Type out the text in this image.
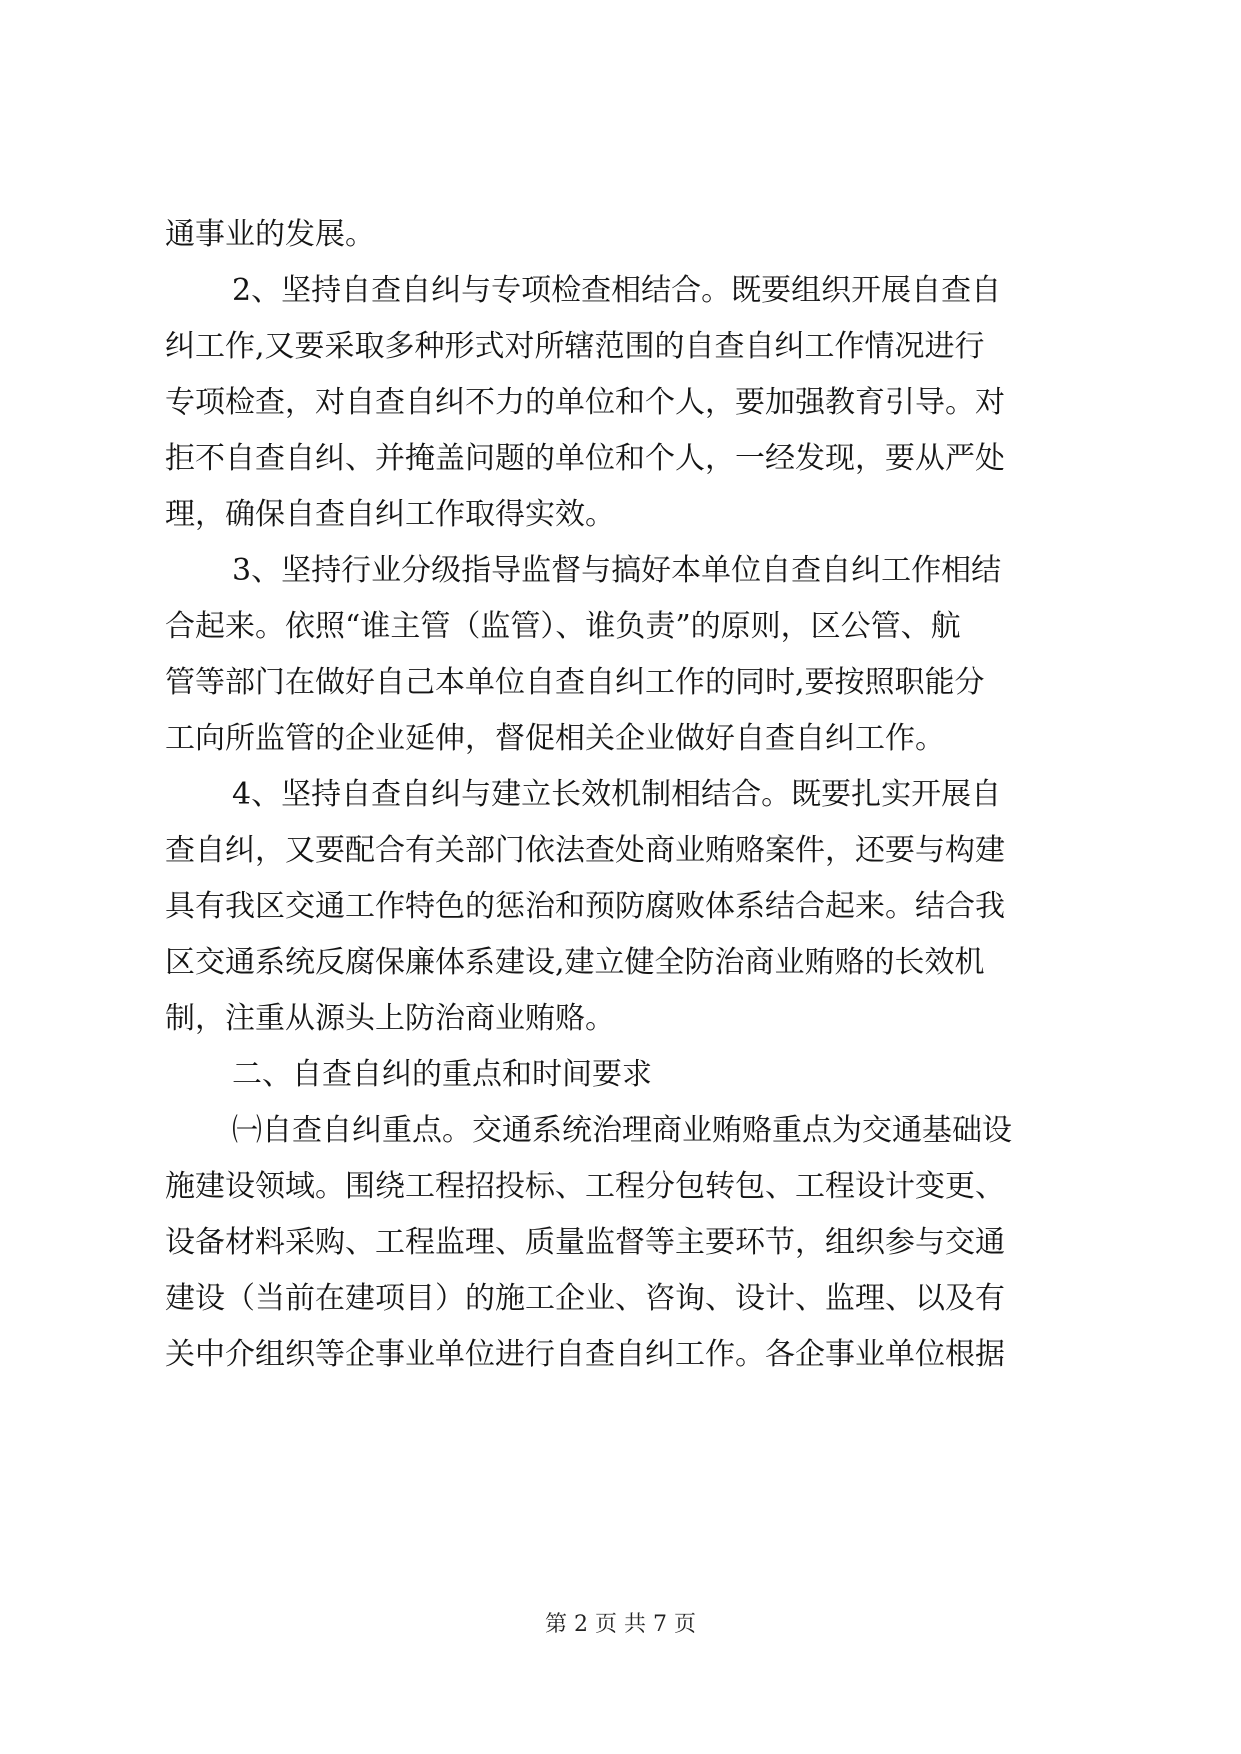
通事业的发展。
2、坚持自查自纠与专项检查相结合。既要组织开展自查自
纠工作,又要采取多种形式对所辖范围的自查自纠工作情况进行
专项检查，对自查自纠不力的单位和个人，要加强教育引导。对
拒不自查自纠、并掩盖问题的单位和个人，一经发现，要从严处
理，确保自查自纠工作取得实效。
3、坚持行业分级指导监督与搞好本单位自查自纠工作相结
合起来。依照“谁主管（监管）、谁负责”的原则，区公管、航
管等部门在做好自己本单位自查自纠工作的同时,要按照职能分
工向所监管的企业延伸，督促相关企业做好自查自纠工作。
4、坚持自查自纠与建立长效机制相结合。既要扎实开展自
查自纠，又要配合有关部门依法查处商业贿赂案件，还要与构建
具有我区交通工作特色的惩治和预防腐败体系结合起来。结合我
区交通系统反腐保廉体系建设,建立健全防治商业贿赂的长效机
制，注重从源头上防治商业贿赂。
二、自查自纠的重点和时间要求
㈠自查自纠重点。交通系统治理商业贿赂重点为交通基础设
施建设领域。围绕工程招投标、工程分包转包、工程设计变更、
设备材料采购、工程监理、质量监督等主要环节，组织参与交通
建设（当前在建项目）的施工企业、咨询、设计、监理、以及有
关中介组织等企事业单位进行自查自纠工作。各企事业单位根据
第 2 页 共 7 页
